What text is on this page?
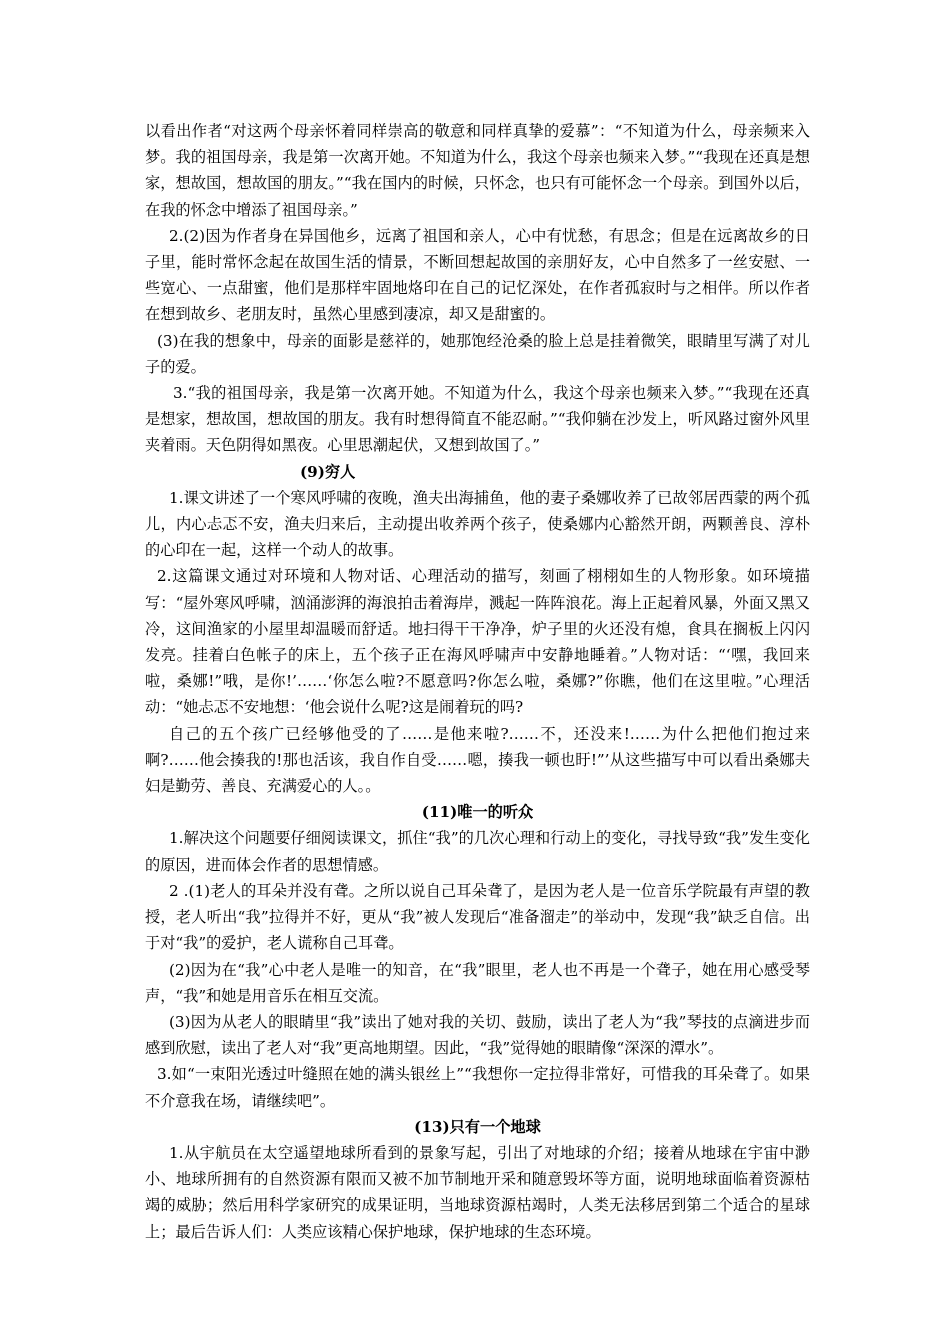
以看出作者“对这两个母亲怀着同样崇高的敬意和同样真挚的爱慕”：“不知道为什么，母亲频来入梦。我的祖国母亲，我是第一次离开她。不知道为什么，我这个母亲也频来入梦。”“我现在还真是想家，想故国，想故国的朋友。”“我在国内的时候，只怀念，也只有可能怀念一个母亲。到国外以后，在我的怀念中增添了祖国母亲。”

2.(2)因为作者身在异国他乡，远离了祖国和亲人，心中有忧愁，有思念；但是在远离故乡的日子里，能时常怀念起在故国生活的情景，不断回想起故国的亲朋好友，心中自然多了一丝安慰、一些宽心、一点甜蜜，他们是那样牢固地烙印在自己的记忆深处，在作者孤寂时与之相伴。所以作者在想到故乡、老朋友时，虽然心里感到凄凉，却又是甜蜜的。

(3)在我的想象中，母亲的面影是慈祥的，她那饱经沧桑的脸上总是挂着微笑，眼睛里写满了对儿子的爱。

3.“我的祖国母亲，我是第一次离开她。不知道为什么，我这个母亲也频来入梦。”“我现在还真是想家，想故国，想故国的朋友。我有时想得简直不能忍耐。”“我仰躺在沙发上，听风路过窗外风里夹着雨。天色阴得如黑夜。心里思潮起伏，又想到故国了。”

(9)穷人

1.课文讲述了一个寒风呼啸的夜晚，渔夫出海捕鱼，他的妻子桑娜收养了已故邻居西蒙的两个孤儿，内心忐忑不安，渔夫归来后，主动提出收养两个孩子，使桑娜内心豁然开朗，两颗善良、淳朴的心印在一起，这样一个动人的故事。

2.这篇课文通过对环境和人物对话、心理活动的描写，刻画了栩栩如生的人物形象。如环境描写：“屋外寒风呼啸，汹涌澎湃的海浪拍击着海岸，溅起一阵阵浪花。海上正起着风暴，外面又黑又冷，这间渔家的小屋里却温暖而舒适。地扫得干干净净，炉子里的火还没有熄，食具在搁板上闪闪发亮。挂着白色帐子的床上，五个孩子正在海风呼啸声中安静地睡着。”人物对话：“‘嘿，我回来啦，桑娜!”哦，是你!’……‘你怎么啦?不愿意吗?你怎么啦，桑娜?”你瞧，他们在这里啦。”心理活动：“她忐忑不安地想：‘他会说什么呢?这是闹着玩的吗?

自己的五个孩广已经够他受的了……是他来啦?……不，还没来!……为什么把他们抱过来啊?……他会揍我的!那也活该，我自作自受……嗯，揍我一顿也盱!”’从这些描写中可以看出桑娜夫妇是勤劳、善良、充满爱心的人。。

(11)唯一的听众

1.解决这个问题要仔细阅读课文，抓住“我”的几次心理和行动上的变化，寻找导致“我”发生变化的原因，进而体会作者的思想情感。

2 .(1)老人的耳朵并没有聋。之所以说自己耳朵聋了，是因为老人是一位音乐学院最有声望的教授，老人听出“我”拉得并不好，更从“我”被人发现后“准备溜走”的举动中，发现“我”缺乏自信。出于对“我”的爱护，老人谎称自己耳聋。

(2)因为在“我”心中老人是唯一的知音，在“我”眼里，老人也不再是一个聋子，她在用心感受琴声，“我”和她是用音乐在相互交流。

(3)因为从老人的眼睛里“我”读出了她对我的关切、鼓励，读出了老人为“我”琴技的点滴进步而感到欣慰，读出了老人对“我”更高地期望。因此，“我”觉得她的眼睛像“深深的潭水”。

3.如“一束阳光透过叶缝照在她的满头银丝上”“我想你一定拉得非常好，可惜我的耳朵聋了。如果不介意我在场，请继续吧”。

(13)只有一个地球

1.从宇航员在太空遥望地球所看到的景象写起，引出了对地球的介绍；接着从地球在宇宙中渺小、地球所拥有的自然资源有限而又被不加节制地开采和随意毁坏等方面，说明地球面临着资源枯竭的威胁；然后用科学家研究的成果证明，当地球资源枯竭时，人类无法移居到第二个适合的星球上；最后告诉人们：人类应该精心保护地球，保护地球的生态环境。
